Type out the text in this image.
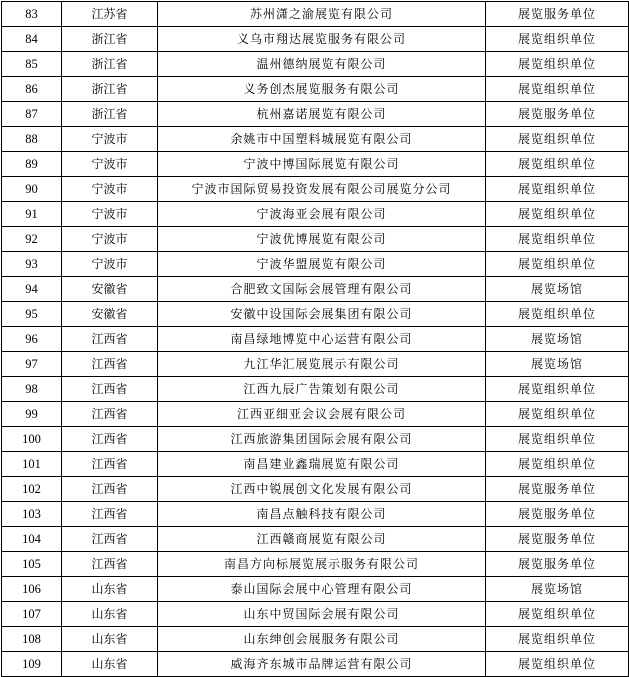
83	江苏省	苏州潇之渝展览有限公司	展览服务单位
84	浙江省	义乌市翔达展览服务有限公司	展览组织单位
85	浙江省	温州德纳展览有限公司	展览组织单位
86	浙江省	义务创杰展览服务有限公司	展览组织单位
87	浙江省	杭州嘉诺展览有限公司	展览服务单位
88	宁波市	余姚市中国塑料城展览有限公司	展览组织单位
89	宁波市	宁波中博国际展览有限公司	展览组织单位
90	宁波市	宁波市国际贸易投资发展有限公司展览分公司	展览组织单位
91	宁波市	宁波海亚会展有限公司	展览组织单位
92	宁波市	宁波优博展览有限公司	展览组织单位
93	宁波市	宁波华盟展览有限公司	展览组织单位
94	安徽省	合肥致文国际会展管理有限公司	展览场馆
95	安徽省	安徽中设国际会展集团有限公司	展览组织单位
96	江西省	南昌绿地博览中心运营有限公司	展览场馆
97	江西省	九江华汇展览展示有限公司	展览场馆
98	江西省	江西九辰广告策划有限公司	展览组织单位
99	江西省	江西亚细亚会议会展有限公司	展览组织单位
100	江西省	江西旅游集团国际会展有限公司	展览组织单位
101	江西省	南昌建业鑫瑞展览有限公司	展览组织单位
102	江西省	江西中锐展创文化发展有限公司	展览服务单位
103	江西省	南昌点触科技有限公司	展览服务单位
104	江西省	江西赣商展览有限公司	展览服务单位
105	江西省	南昌方向标展览展示服务有限公司	展览服务单位
106	山东省	泰山国际会展中心管理有限公司	展览场馆
107	山东省	山东中贸国际会展有限公司	展览组织单位
108	山东省	山东绅创会展服务有限公司	展览组织单位
109	山东省	威海齐东城市品牌运营有限公司	展览组织单位
